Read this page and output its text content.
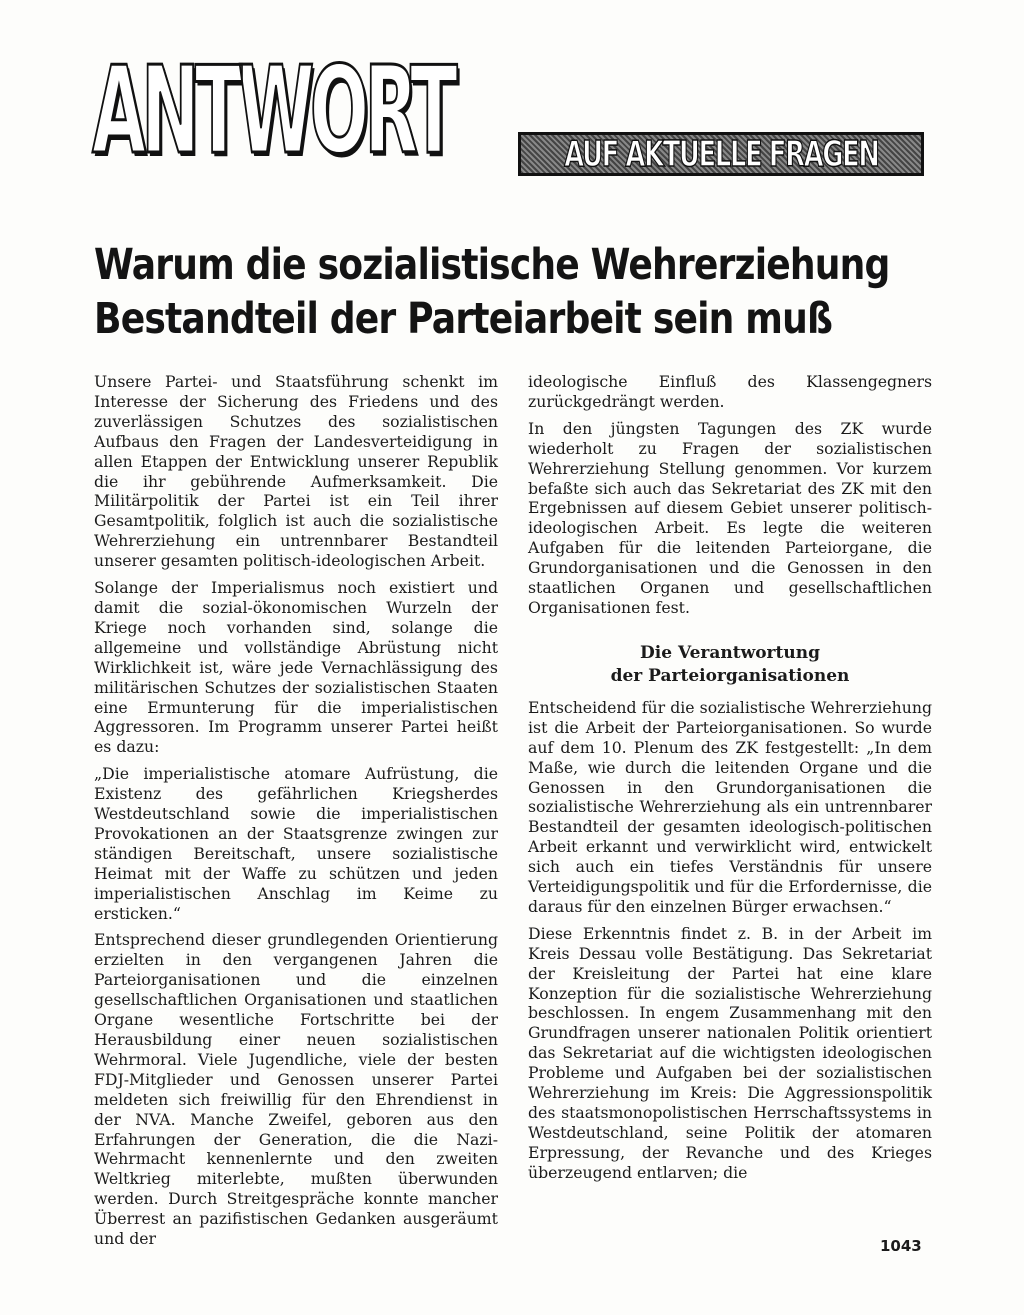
ANTWORT	AUF AKTUELLE FRAGEN
Warum die sozialistische Wehrerziehung
Bestandteil der Parteiarbeit sein muß

Unsere Partei- und Staatsführung schenkt im Interesse der Sicherung des Friedens und des zuverlässigen Schutzes des sozialistischen Aufbaus den Fragen der Landesverteidigung in allen Etappen der Entwicklung unserer Republik die ihr gebührende Aufmerksamkeit. Die Militärpolitik der Partei ist ein Teil ihrer Gesamtpolitik, folglich ist auch die sozialistische Wehrerziehung ein untrennbarer Bestandteil unserer gesamten politisch-ideologischen Arbeit.

Solange der Imperialismus noch existiert und damit die sozial-ökonomischen Wurzeln der Kriege noch vorhanden sind, solange die allgemeine und vollständige Abrüstung nicht Wirklichkeit ist, wäre jede Vernachlässigung des militärischen Schutzes der sozialistischen Staaten eine Ermunterung für die imperialistischen Aggressoren. Im Programm unserer Partei heißt es dazu:

„Die imperialistische atomare Aufrüstung, die Existenz des gefährlichen Kriegsherdes Westdeutschland sowie die imperialistischen Provokationen an der Staatsgrenze zwingen zur ständigen Bereitschaft, unsere sozialistische Heimat mit der Waffe zu schützen und jeden imperialistischen Anschlag im Keime zu ersticken.“

Entsprechend dieser grundlegenden Orientierung erzielten in den vergangenen Jahren die Parteiorganisationen und die einzelnen gesellschaftlichen Organisationen und staatlichen Organe wesentliche Fortschritte bei der Herausbildung einer neuen sozialistischen Wehrmoral. Viele Jugendliche, viele der besten FDJ-Mitglieder und Genossen unserer Partei meldeten sich freiwillig für den Ehrendienst in der NVA. Manche Zweifel, geboren aus den Erfahrungen der Generation, die die Nazi-Wehrmacht kennenlernte und den zweiten Weltkrieg miterlebte, mußten überwunden werden. Durch Streitgespräche konnte mancher Überrest an pazifistischen Gedanken ausgeräumt und der

ideologische Einfluß des Klassengegners zurückgedrängt werden.

In den jüngsten Tagungen des ZK wurde wiederholt zu Fragen der sozialistischen Wehrerziehung Stellung genommen. Vor kurzem befaßte sich auch das Sekretariat des ZK mit den Ergebnissen auf diesem Gebiet unserer politisch-ideologischen Arbeit. Es legte die weiteren Aufgaben für die leitenden Parteiorgane, die Grundorganisationen und die Genossen in den staatlichen Organen und gesellschaftlichen Organisationen fest.

Die Verantwortung
der Parteiorganisationen

Entscheidend für die sozialistische Wehrerziehung ist die Arbeit der Parteiorganisationen. So wurde auf dem 10. Plenum des ZK festgestellt: „In dem Maße, wie durch die leitenden Organe und die Genossen in den Grundorganisationen die sozialistische Wehrerziehung als ein untrennbarer Bestandteil der gesamten ideologisch-politischen Arbeit erkannt und verwirklicht wird, entwickelt sich auch ein tiefes Verständnis für unsere Verteidigungspolitik und für die Erfordernisse, die daraus für den einzelnen Bürger erwachsen.“

Diese Erkenntnis findet z. B. in der Arbeit im Kreis Dessau volle Bestätigung. Das Sekretariat der Kreisleitung der Partei hat eine klare Konzeption für die sozialistische Wehrerziehung beschlossen. In engem Zusammenhang mit den Grundfragen unserer nationalen Politik orientiert das Sekretariat auf die wichtigsten ideologischen Probleme und Aufgaben bei der sozialistischen Wehrerziehung im Kreis: Die Aggressionspolitik des staatsmonopolistischen Herrschaftssystems in Westdeutschland, seine Politik der atomaren Erpressung, der Revanche und des Krieges überzeugend entlarven; die

1043
